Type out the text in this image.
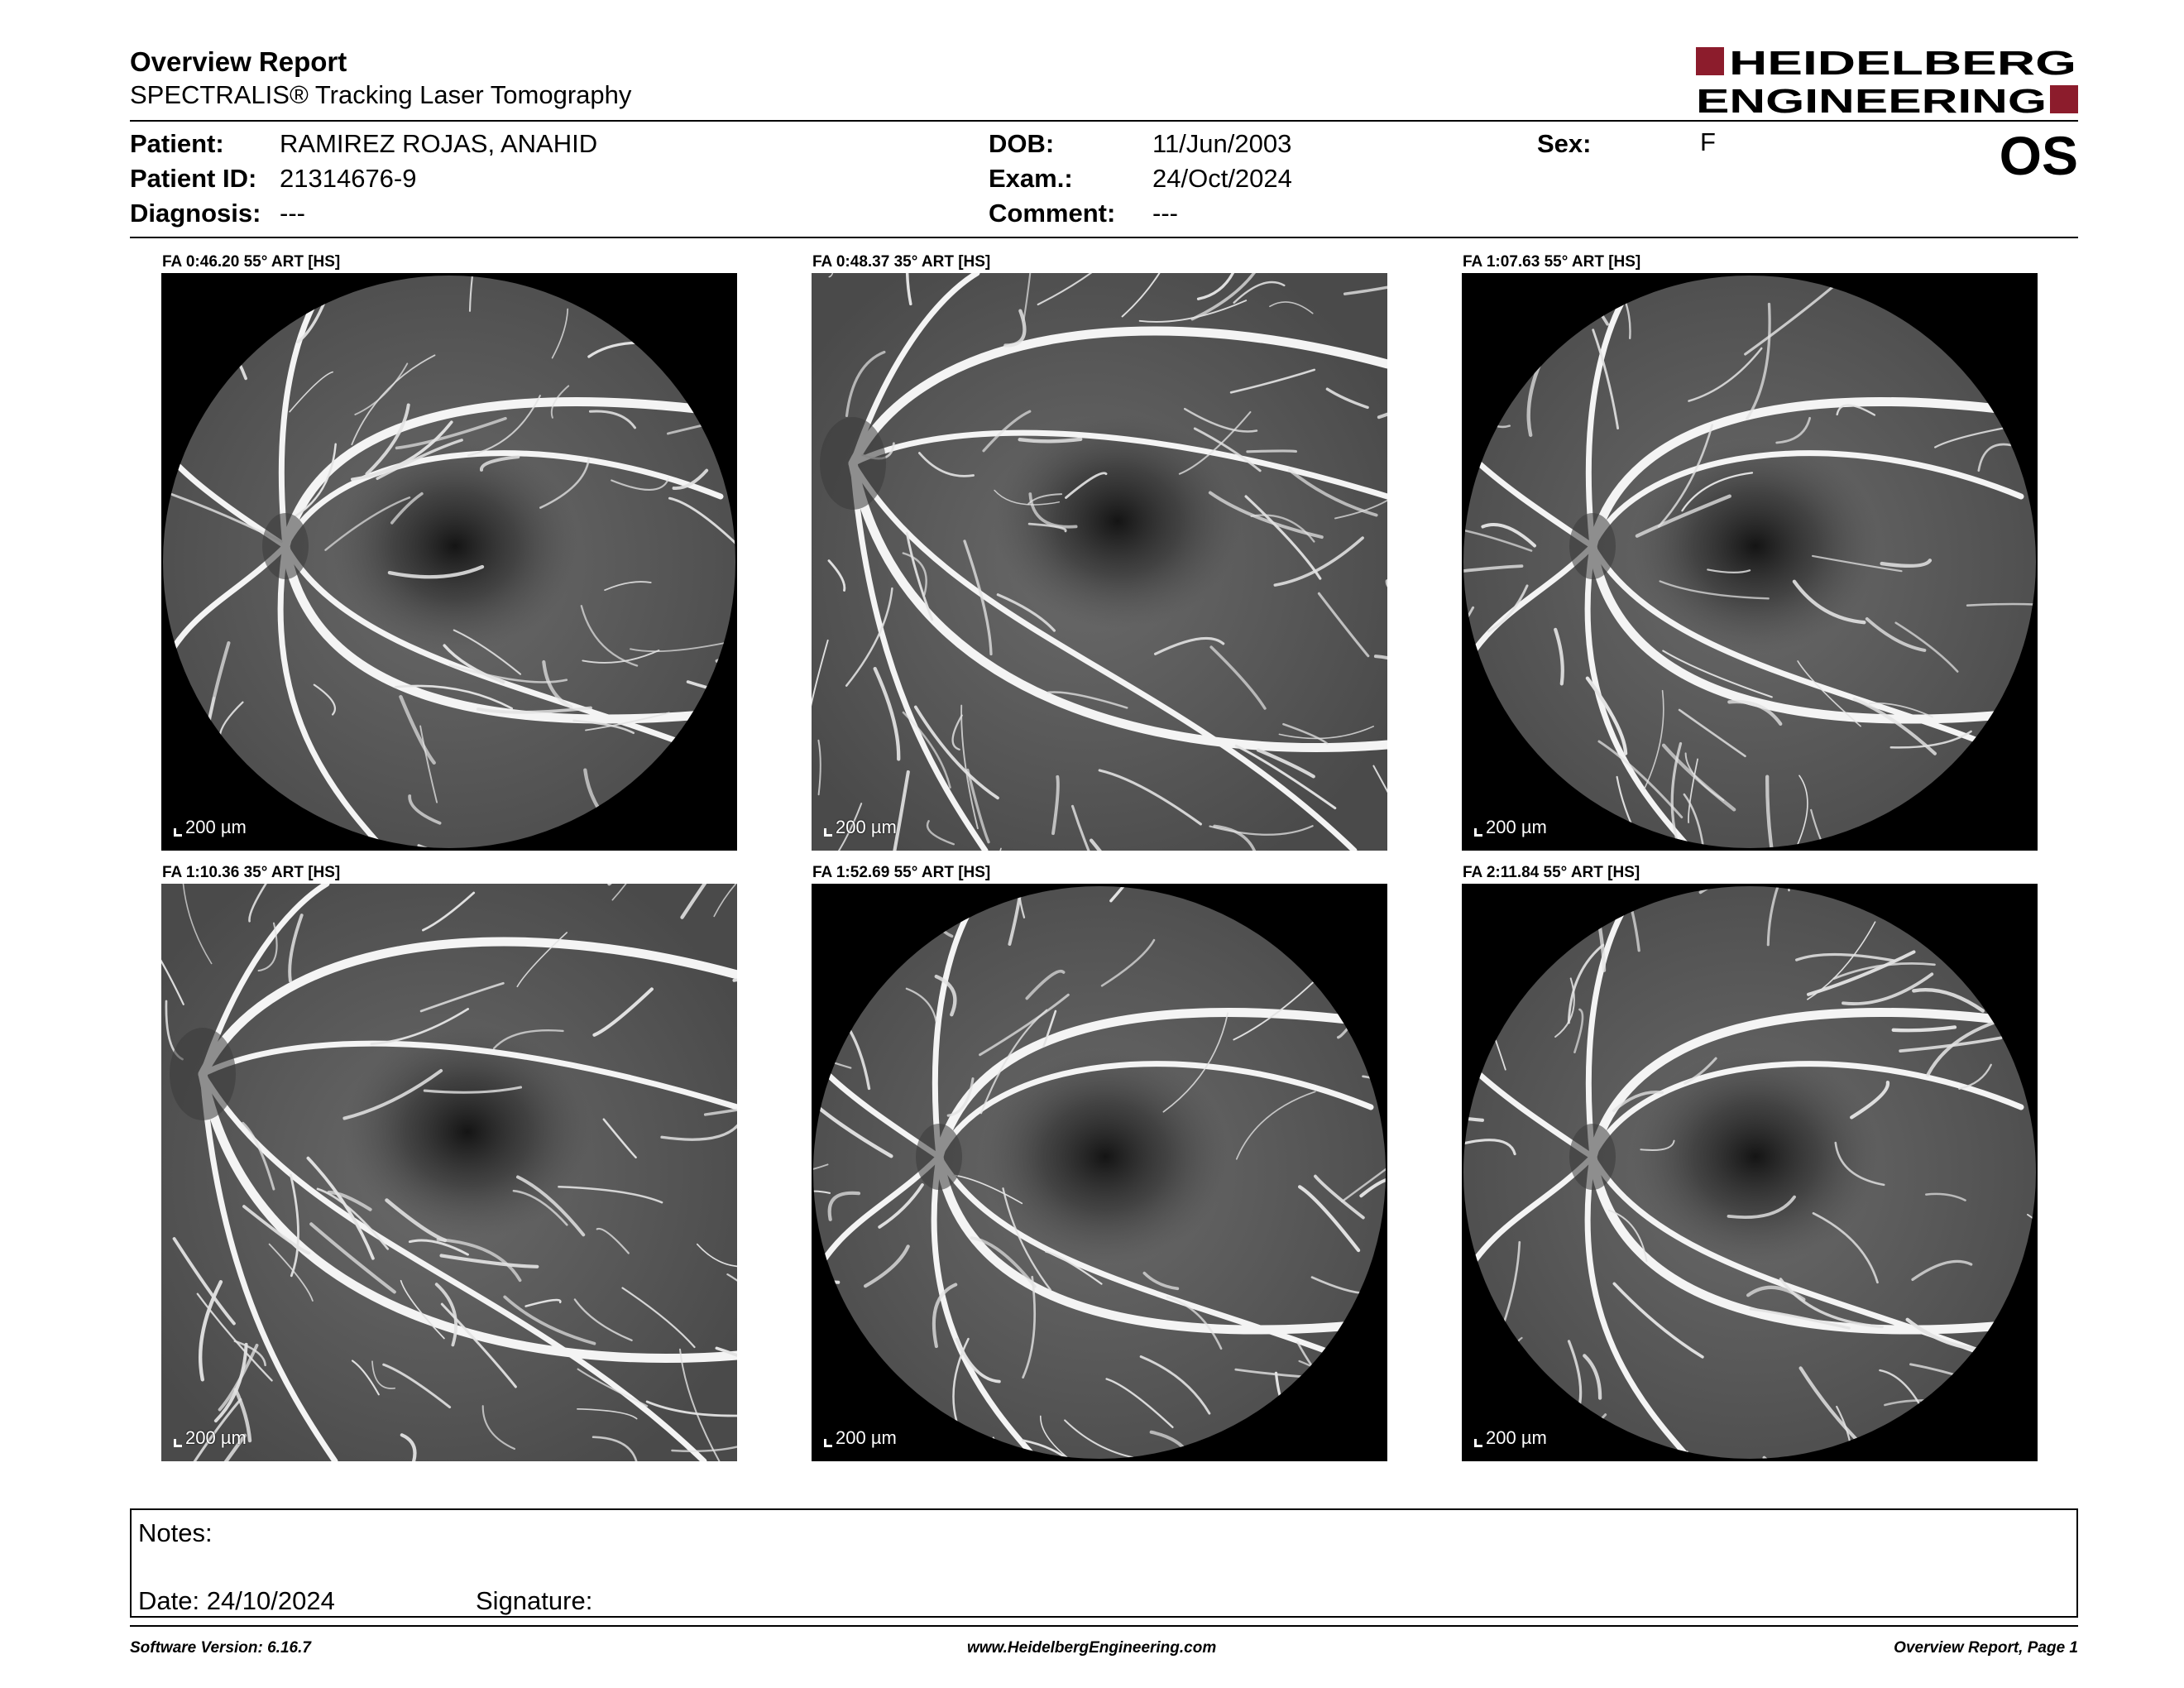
Overview Report
SPECTRALIS® Tracking Laser Tomography
HEIDELBERG
ENGINEERING
Patient: RAMIREZ ROJAS, ANAHID
Patient ID: 21314676-9
Diagnosis: ---
DOB:	11/Jun/2003
Exam.:	24/Oct/2024
Comment: ---
Sex:	F	OS
FA 0:46.20 55° ART [HS]	FA 0:48.37 35° ART [HS]	FA 1:07.63 55° ART [HS]
FA 1:10.36 35° ART [HS]	FA 1:52.69 55° ART [HS]	FA 2:11.84 55° ART [HS]
200 µm	200 µm	200 µm
200 µm	200 µm	200 µm
Notes:
Date: 24/10/2024	Signature:
Software Version: 6.16.7	www.HeidelbergEngineering.com	Overview Report, Page 1
